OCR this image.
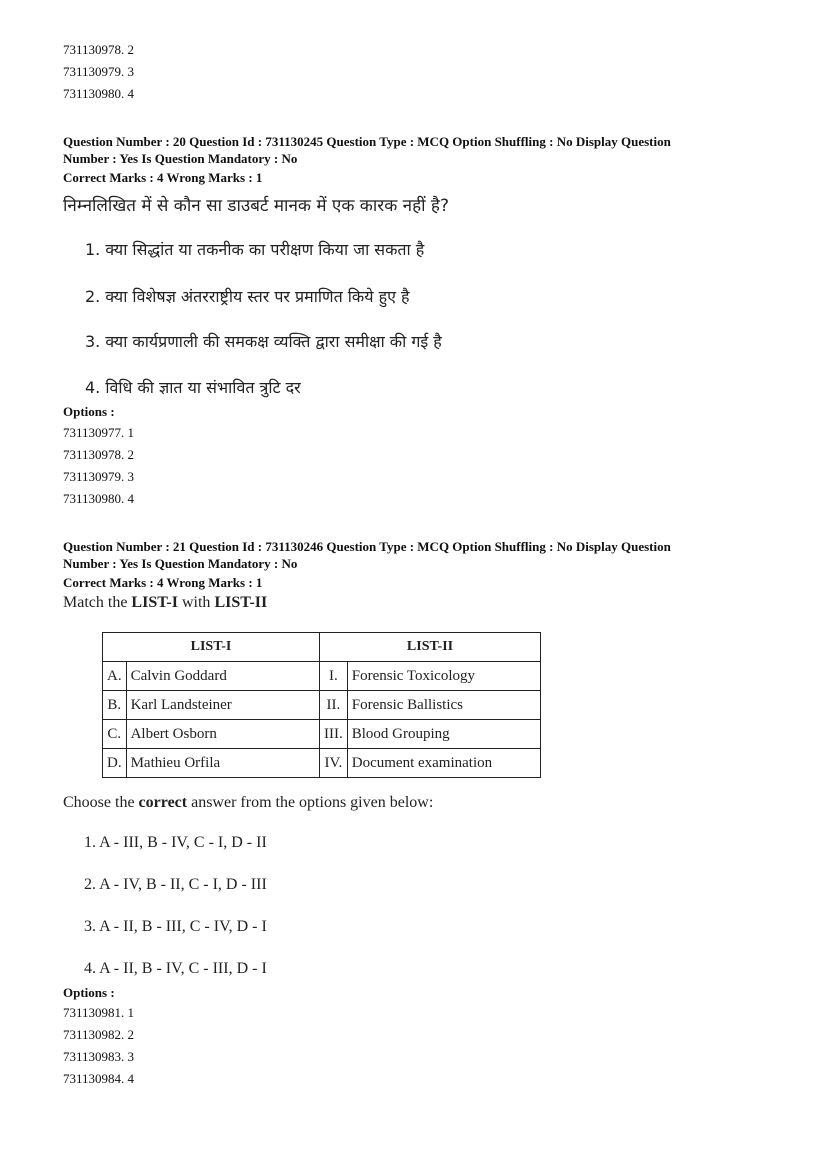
731130978. 2
731130979. 3
731130980. 4
Question Number : 20 Question Id : 731130245 Question Type : MCQ Option Shuffling : No Display Question
Number : Yes Is Question Mandatory : No
Correct Marks : 4 Wrong Marks : 1
निम्नलिखित में से कौन सा डाउबर्ट मानक में एक कारक नहीं है?
1. क्या सिद्धांत या तकनीक का परीक्षण किया जा सकता है
2. क्या विशेषज्ञ अंतरराष्ट्रीय स्तर पर प्रमाणित किये हुए है
3. क्या कार्यप्रणाली की समकक्ष व्यक्ति द्वारा समीक्षा की गई है
4. विधि की ज्ञात या संभावित त्रुटि दर
Options :
731130977. 1
731130978. 2
731130979. 3
731130980. 4
Question Number : 21 Question Id : 731130246 Question Type : MCQ Option Shuffling : No Display Question
Number : Yes Is Question Mandatory : No
Correct Marks : 4 Wrong Marks : 1
Match the LIST-I with LIST-II
LIST-I		LIST-II	
A.	Calvin Goddard	I.	Forensic Toxicology
B.	Karl Landsteiner	II.	Forensic Ballistics
C.	Albert Osborn	III.	Blood Grouping
D.	Mathieu Orfila	IV.	Document examination
Choose the correct answer from the options given below:
1. A - III, B - IV, C - I, D - II
2. A - IV, B - II, C - I, D - III
3. A - II, B - III, C - IV, D - I
4. A - II, B - IV, C - III, D - I
Options :
731130981. 1
731130982. 2
731130983. 3
731130984. 4
